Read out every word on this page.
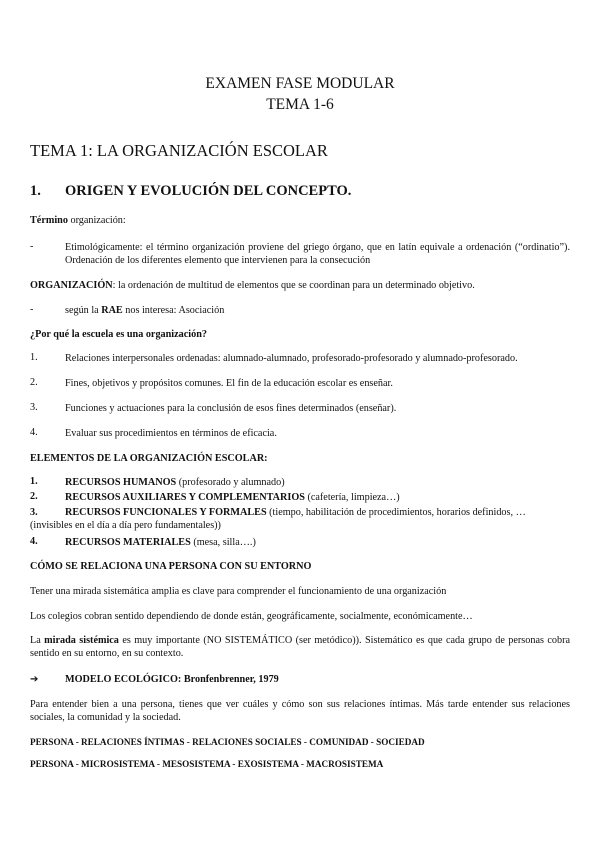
EXAMEN FASE MODULAR
TEMA 1-6
TEMA 1: LA ORGANIZACIÓN ESCOLAR
1. ORIGEN Y EVOLUCIÓN DEL CONCEPTO.
Término organización:
-	Etimológicamente: el término organización proviene del griego órgano, que en latín equivale a ordenación (“ordinatio”). Ordenación de los diferentes elemento que intervienen para la consecución
ORGANIZACIÓN: la ordenación de multitud de elementos que se coordinan para un determinado objetivo.
-	según la RAE nos interesa: Asociación
¿Por qué la escuela es una organización?
1.	Relaciones interpersonales ordenadas: alumnado-alumnado, profesorado-profesorado y alumnado-profesorado.
2.	Fines, objetivos y propósitos comunes. El fin de la educación escolar es enseñar.
3.	Funciones y actuaciones para la conclusión de esos fines determinados (enseñar).
4.	Evaluar sus procedimientos en términos de eficacia.
ELEMENTOS DE LA ORGANIZACIÓN ESCOLAR:
1.	RECURSOS HUMANOS (profesorado y alumnado)
2.	RECURSOS AUXILIARES Y COMPLEMENTARIOS (cafetería, limpieza…)
3.	RECURSOS FUNCIONALES Y FORMALES (tiempo, habilitación de procedimientos, horarios definidos, … (invisibles en el día a día pero fundamentales))
4.	RECURSOS MATERIALES (mesa, silla….)
CÓMO SE RELACIONA UNA PERSONA CON SU ENTORNO
Tener una mirada sistemática amplia es clave para comprender el funcionamiento de una organización
Los colegios cobran sentido dependiendo de donde están, geográficamente, socialmente, económicamente…
La mirada sistémica es muy importante (NO SISTEMÁTICO (ser metódico)). Sistemático es que cada grupo de personas cobra sentido en su entorno, en su contexto.
➔	MODELO ECOLÓGICO: Bronfenbrenner, 1979
Para entender bien a una persona, tienes que ver cuáles y cómo son sus relaciones íntimas. Más tarde entender sus relaciones sociales, la comunidad y la sociedad.
PERSONA - RELACIONES ÍNTIMAS - RELACIONES SOCIALES - COMUNIDAD - SOCIEDAD
PERSONA - MICROSISTEMA - MESOSISTEMA - EXOSISTEMA - MACROSISTEMA
